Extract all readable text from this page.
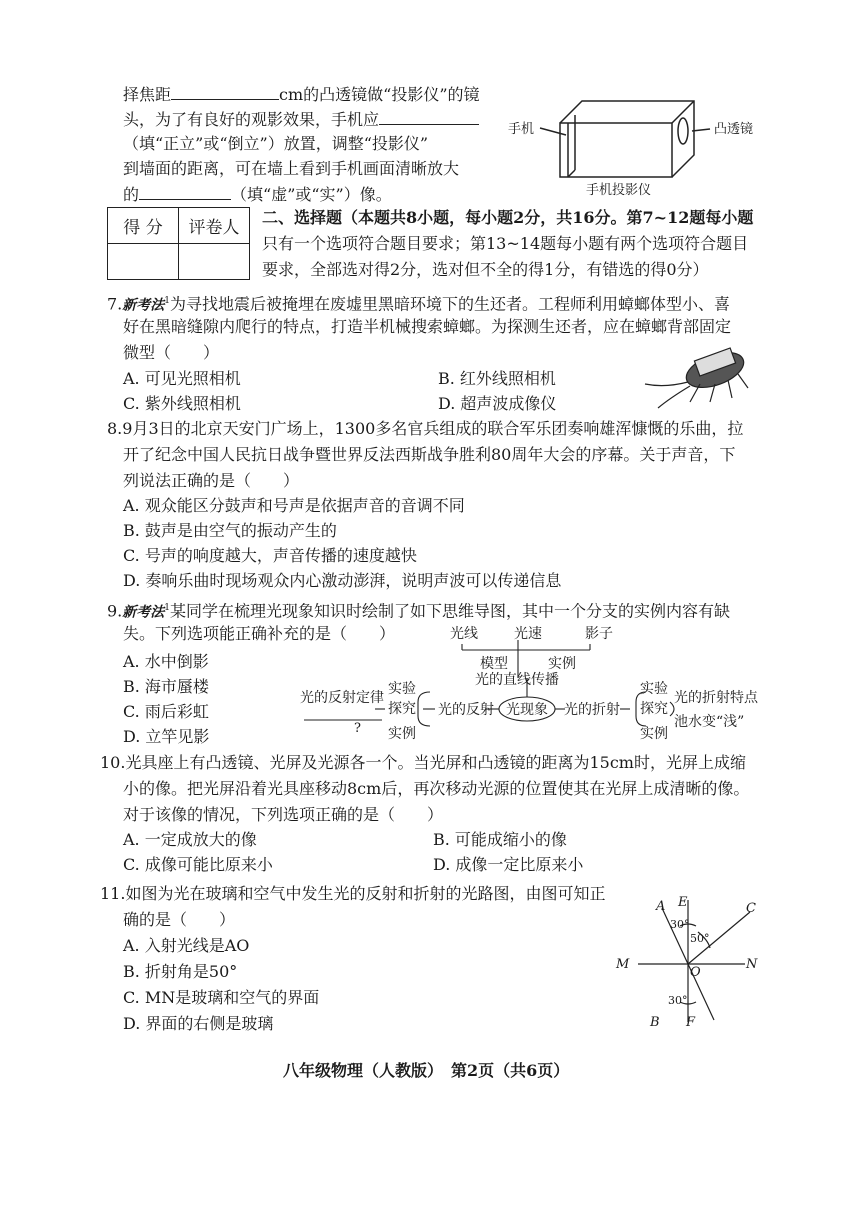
择焦距	cm的凸透镜做“投影仪”的镜
头，为了有良好的观影效果，手机应
（填“正立”或“倒立”）放置，调整“投影仪”
到墙面的距离，可在墙上看到手机画面清晰放大
的	（填“虚”或“实”）像。
手机	凸透镜
手机投影仪
得 分	评卷人

二、选择题（本题共8小题，每小题2分，共16分。第7~12题每小题
只有一个选项符合题目要求；第13~14题每小题有两个选项符合题目
要求，全部选对得2分，选对但不全的得1分，有错选的得0分）
7.新考法$^1$为寻找地震后被掩埋在废墟里黑暗环境下的生还者。工程师利用蟑螂体型小、喜
好在黑暗缝隙内爬行的特点，打造半机械搜索蟑螂。为探测生还者，应在蟑螂背部固定
微型（　　）
A. 可见光照相机	B. 红外线照相机
C. 紫外线照相机	D. 超声波成像仪
8.9月3日的北京天安门广场上，1300多名官兵组成的联合军乐团奏响雄浑慷慨的乐曲，拉
开了纪念中国人民抗日战争暨世界反法西斯战争胜利80周年大会的序幕。关于声音，下
列说法正确的是（　　）
A. 观众能区分鼓声和号声是依据声音的音调不同
B. 鼓声是由空气的振动产生的
C. 号声的响度越大，声音传播的速度越快
D. 奏响乐曲时现场观众内心激动澎湃，说明声波可以传递信息
9.新考法$^1$某同学在梳理光现象知识时绘制了如下思维导图，其中一个分支的实例内容有缺
失。下列选项能正确补充的是（　　）
A. 水中倒影
B. 海市蜃楼
C. 雨后彩虹
D. 立竿见影
光线	光速	影子
模型	实例
光的直线传播
光的反射定律
实验
探究
? 实例
光的反射 光现象 光的折射
实验
探究
实例
光的折射特点
池水变“浅”
10.光具座上有凸透镜、光屏及光源各一个。当光屏和凸透镜的距离为15cm时，光屏上成缩
小的像。把光屏沿着光具座移动8cm后，再次移动光源的位置使其在光屏上成清晰的像。
对于该像的情况，下列选项正确的是（　　）
A. 一定成放大的像	B. 可能成缩小的像
C. 成像可能比原来小	D. 成像一定比原来小
11.如图为光在玻璃和空气中发生光的反射和折射的光路图，由图可知正
确的是（　　）
A. 入射光线是AO
B. 折射角是50°
C. MN是玻璃和空气的界面
D. 界面的右侧是玻璃
A E	C
M	N
O
B F
30°
50°
30°
八年级物理（人教版）　第2页（共6页）
